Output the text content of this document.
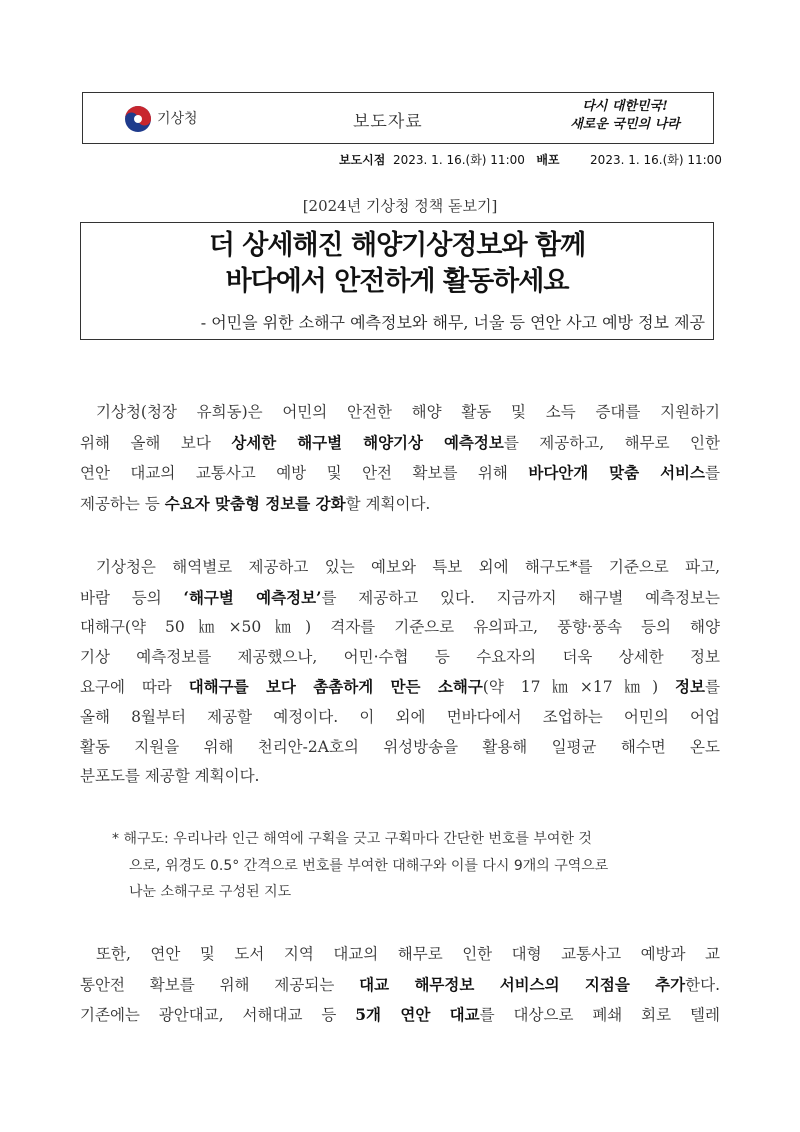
기상청	보도자료
다시 대한민국!
새로운 국민의 나라
보도시점 2023. 1. 16.(화) 11:00 배포	2023. 1. 16.(화) 11:00
[2024년 기상청 정책 돋보기]
더 상세해진 해양기상정보와 함께
바다에서 안전하게 활동하세요
- 어민을 위한 소해구 예측정보와 해무, 너울 등 연안 사고 예방 정보 제공
기상청(청장 유희동)은 어민의 안전한 해양 활동 및 소득 증대를 지원하기
위해 올해 보다 상세한 해구별 해양기상 예측정보를 제공하고, 해무로 인한
연안 대교의 교통사고 예방 및 안전 확보를 위해 바다안개 맞춤 서비스를
제공하는 등 수요자 맞춤형 정보를 강화할 계획이다.
기상청은 해역별로 제공하고 있는 예보와 특보 외에 해구도*를 기준으로 파고,
바람 등의 ‘해구별 예측정보’를 제공하고 있다. 지금까지 해구별 예측정보는
대해구(약 50㎞×50㎞) 격자를 기준으로 유의파고, 풍향·풍속 등의 해양
기상 예측정보를 제공했으나, 어민·수협 등 수요자의 더욱 상세한 정보
요구에 따라 대해구를 보다 촘촘하게 만든 소해구(약 17㎞×17㎞) 정보를
올해 8월부터 제공할 예정이다. 이 외에 먼바다에서 조업하는 어민의 어업
활동 지원을 위해 천리안-2A호의 위성방송을 활용해 일평균 해수면 온도
분포도를 제공할 계획이다.
* 해구도: 우리나라 인근 해역에 구획을 긋고 구획마다 간단한 번호를 부여한 것
으로, 위경도 0.5° 간격으로 번호를 부여한 대해구와 이를 다시 9개의 구역으로
나눈 소해구로 구성된 지도
또한, 연안 및 도서 지역 대교의 해무로 인한 대형 교통사고 예방과 교
통안전 확보를 위해 제공되는 대교 해무정보 서비스의 지점을 추가한다.
기존에는 광안대교, 서해대교 등 5개 연안 대교를 대상으로 폐쇄 회로 텔레
